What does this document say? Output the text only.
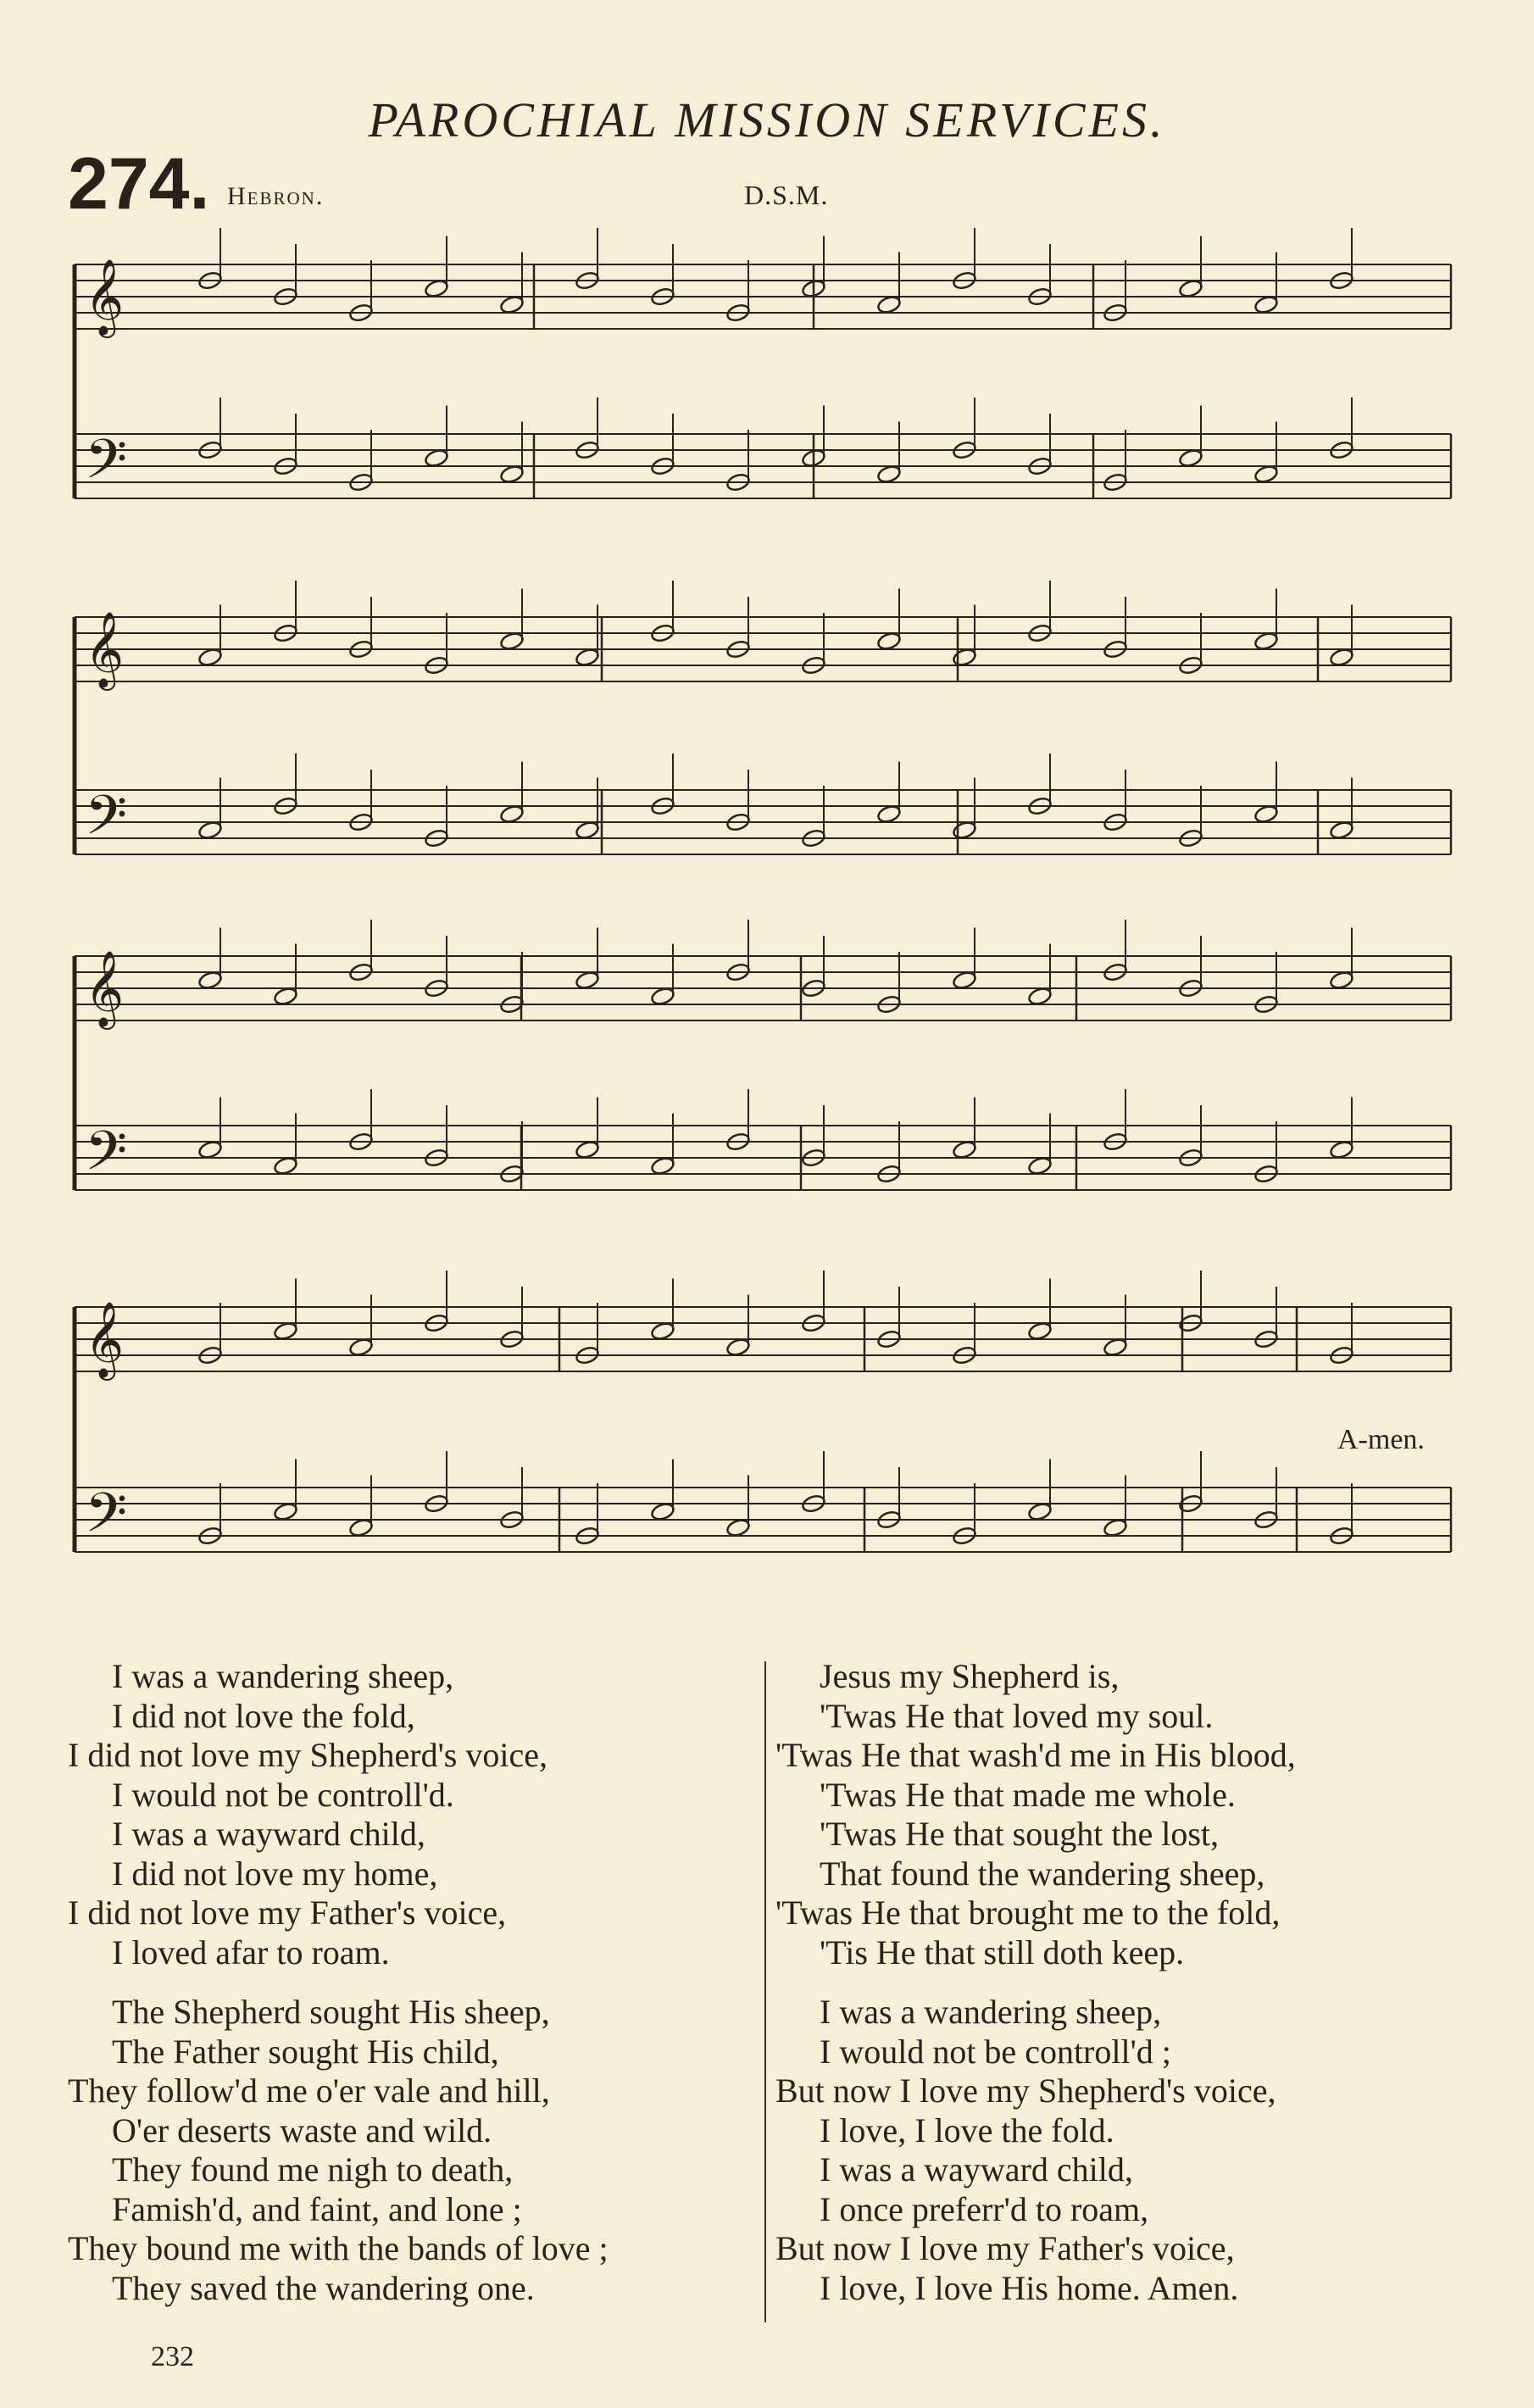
PAROCHIAL MISSION SERVICES.
274. Hebron.	D.S.M.
𝄞
𝄢
𝄞
𝄢
𝄞
𝄢
𝄞
𝄢
A-men.
I was a wandering sheep,
I did not love the fold,
I did not love my Shepherd's voice,
I would not be controll'd.
I was a wayward child,
I did not love my home,
I did not love my Father's voice,
I loved afar to roam.
The Shepherd sought His sheep,
The Father sought His child,
They follow'd me o'er vale and hill,
O'er deserts waste and wild.
They found me nigh to death,
Famish'd, and faint, and lone ;
They bound me with the bands of love ;
They saved the wandering one.
Jesus my Shepherd is,
'Twas He that loved my soul.
'Twas He that wash'd me in His blood,
'Twas He that made me whole.
'Twas He that sought the lost,
That found the wandering sheep,
'Twas He that brought me to the fold,
'Tis He that still doth keep.
I was a wandering sheep,
I would not be controll'd ;
But now I love my Shepherd's voice,
I love, I love the fold.
I was a wayward child,
I once preferr'd to roam,
But now I love my Father's voice,
I love, I love His home. Amen.
232
